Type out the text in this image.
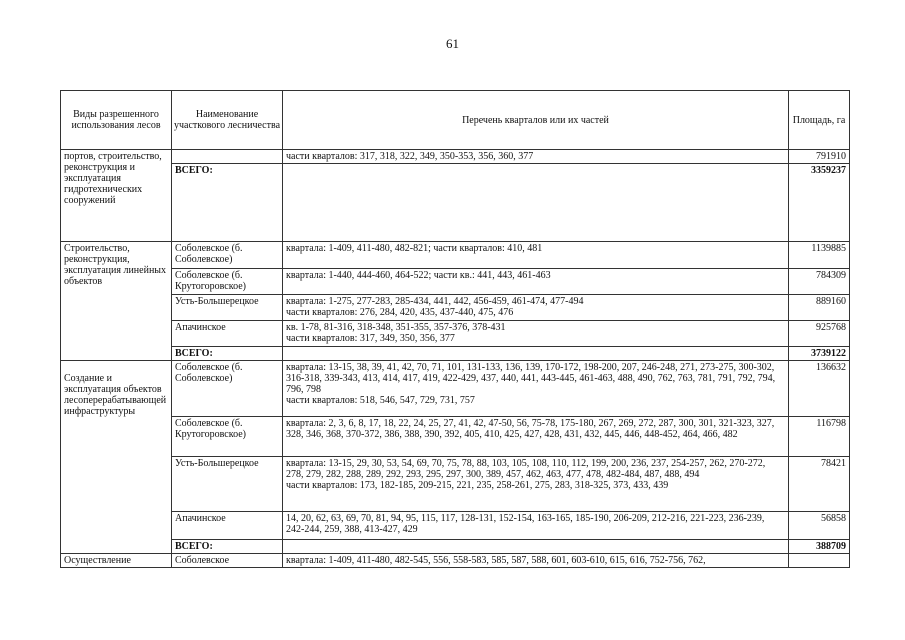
61
Виды разрешенного использования лесов	Наименование участкового лесничества	Перечень кварталов или их частей	Площадь, га
портов, строительство, реконструкция и эксплуатация гидротехнических сооружений		части кварталов: 317, 318, 322, 349, 350-353, 356, 360, 377	791910
	ВСЕГО:		3359237
Строительство, реконструкция, эксплуатация линейных объектов	Соболевское (б. Соболевское)	квартала: 1-409, 411-480, 482-821; части кварталов: 410, 481	1139885
	Соболевское (б. Крутогоровское)	квартала: 1-440, 444-460, 464-522; части кв.: 441, 443, 461-463	784309
	Усть-Большерецкое	квартала: 1-275, 277-283, 285-434, 441, 442, 456-459, 461-474, 477-494
части кварталов: 276, 284, 420, 435, 437-440, 475, 476	889160
	Апачинское	кв. 1-78, 81-316, 318-348, 351-355, 357-376, 378-431
части кварталов: 317, 349, 350, 356, 377	925768
	ВСЕГО:		3739122

Создание и эксплуатация объектов лесоперерабатывающей инфраструктуры	Соболевское (б. Соболевское)	квартала: 13-15, 38, 39, 41, 42, 70, 71, 101, 131-133, 136, 139, 170-172, 198-200, 207, 246-248, 271, 273-275, 300-302, 316-318, 339-343, 413, 414, 417, 419, 422-429, 437, 440, 441, 443-445, 461-463, 488, 490, 762, 763, 781, 791, 792, 794, 796, 798
части кварталов: 518, 546, 547, 729, 731, 757	136632
	Соболевское (б. Крутогоровское)	квартала: 2, 3, 6, 8, 17, 18, 22, 24, 25, 27, 41, 42, 47-50, 56, 75-78, 175-180, 267, 269, 272, 287, 300, 301, 321-323, 327, 328, 346, 368, 370-372, 386, 388, 390, 392, 405, 410, 425, 427, 428, 431, 432, 445, 446, 448-452, 464, 466, 482	116798
	Усть-Большерецкое	квартала: 13-15, 29, 30, 53, 54, 69, 70, 75, 78, 88, 103, 105, 108, 110, 112, 199, 200, 236, 237, 254-257, 262, 270-272, 278, 279, 282, 288, 289, 292, 293, 295, 297, 300, 389, 457, 462, 463, 477, 478, 482-484, 487, 488, 494
части кварталов: 173, 182-185, 209-215, 221, 235, 258-261, 275, 283, 318-325, 373, 433, 439	78421
	Апачинское	14, 20, 62, 63, 69, 70, 81, 94, 95, 115, 117, 128-131, 152-154, 163-165, 185-190, 206-209, 212-216, 221-223, 236-239, 242-244, 259, 388, 413-427, 429	56858
	ВСЕГО:		388709
Осуществление	Соболевское	квартала: 1-409, 411-480, 482-545, 556, 558-583, 585, 587, 588, 601, 603-610, 615, 616, 752-756, 762,	
